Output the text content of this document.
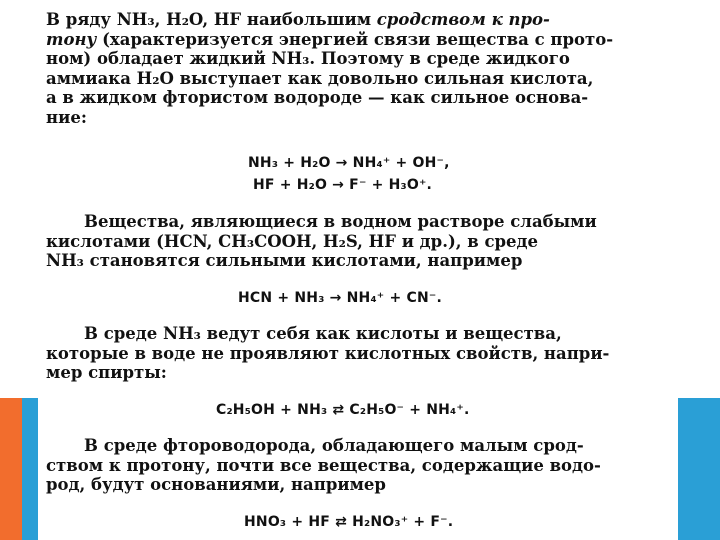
В ряду NH₃, H₂O, HF наибольшим сродством к про-
тону (характеризуется энергией связи вещества с прото-
ном) обладает жидкий NH₃. Поэтому в среде жидкого
аммиака H₂O выступает как довольно сильная кислота,
а в жидком фтористом водороде — как сильное основа-
ние:

NH₃ + H₂O → NH₄⁺ + OH⁻,
HF + H₂O → F⁻ + H₃O⁺.

Вещества, являющиеся в водном растворе слабыми
кислотами (HCN, CH₃COOH, H₂S, HF и др.), в среде
NH₃ становятся сильными кислотами, например

HCN + NH₃ → NH₄⁺ + CN⁻.

В среде NH₃ ведут себя как кислоты и вещества,
которые в воде не проявляют кислотных свойств, напри-
мер спирты:

C₂H₅OH + NH₃ ⇄ C₂H₅O⁻ + NH₄⁺.

В среде фтороводорода, обладающего малым срод-
ством к протону, почти все вещества, содержащие водо-
род, будут основаниями, например

HNO₃ + HF ⇄ H₂NO₃⁺ + F⁻.
